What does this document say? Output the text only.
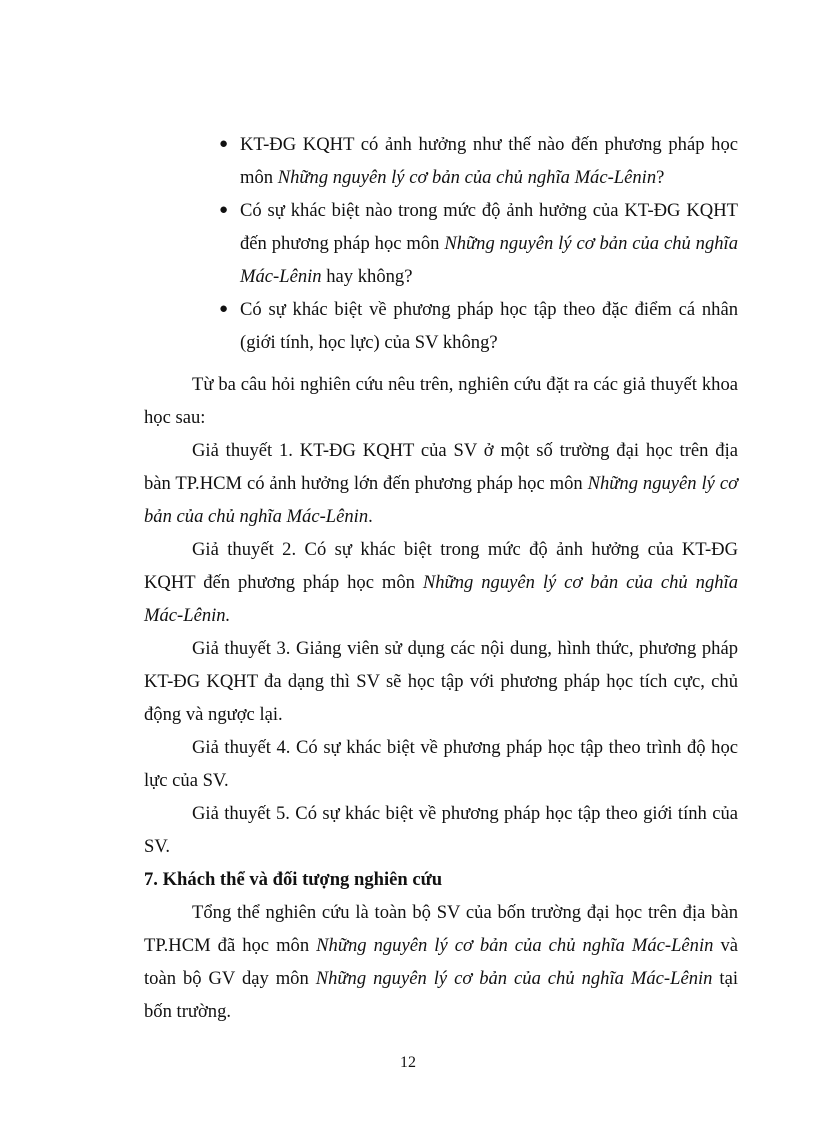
● KT-ĐG KQHT có ảnh hưởng như thế nào đến phương pháp học môn Những nguyên lý cơ bản của chủ nghĩa Mác-Lênin?
● Có sự khác biệt nào trong mức độ ảnh hưởng của KT-ĐG KQHT đến phương pháp học môn Những nguyên lý cơ bản của chủ nghĩa Mác-Lênin hay không?
● Có sự khác biệt về phương pháp học tập theo đặc điểm cá nhân (giới tính, học lực) của SV không?

Từ ba câu hỏi nghiên cứu nêu trên, nghiên cứu đặt ra các giả thuyết khoa học sau:

Giả thuyết 1. KT-ĐG KQHT của SV ở một số trường đại học trên địa bàn TP.HCM có ảnh hưởng lớn đến phương pháp học môn Những nguyên lý cơ bản của chủ nghĩa Mác-Lênin.

Giả thuyết 2. Có sự khác biệt trong mức độ ảnh hưởng của KT-ĐG KQHT đến phương pháp học môn Những nguyên lý cơ bản của chủ nghĩa Mác-Lênin.

Giả thuyết 3. Giảng viên sử dụng các nội dung, hình thức, phương pháp KT-ĐG KQHT đa dạng thì SV sẽ học tập với phương pháp học tích cực, chủ động và ngược lại.

Giả thuyết 4. Có sự khác biệt về phương pháp học tập theo trình độ học lực của SV.

Giả thuyết 5. Có sự khác biệt về phương pháp học tập theo giới tính của SV.

7. Khách thể và đối tượng nghiên cứu

Tổng thể nghiên cứu là toàn bộ SV của bốn trường đại học trên địa bàn TP.HCM đã học môn Những nguyên lý cơ bản của chủ nghĩa Mác-Lênin và toàn bộ GV dạy môn Những nguyên lý cơ bản của chủ nghĩa Mác-Lênin tại bốn trường.

12
